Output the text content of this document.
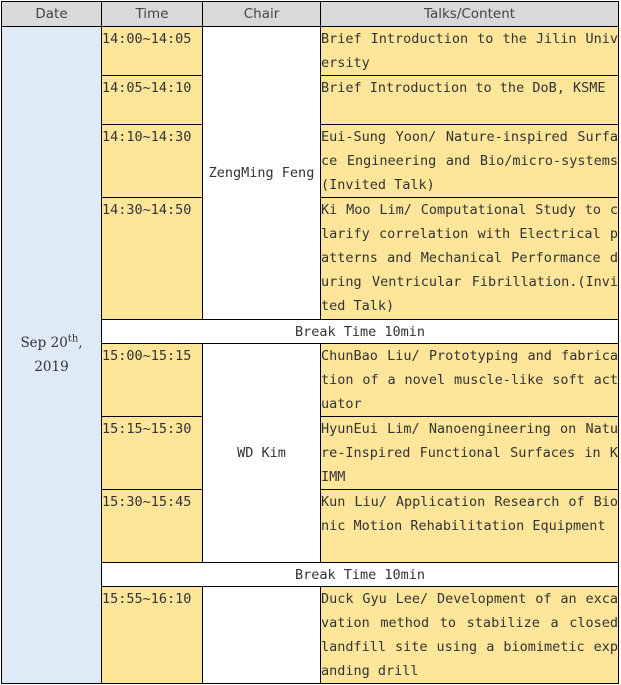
Date	Time	Chair	Talks/Content
Sep 20th,
2019	14:00~14:05	ZengMing Feng	Brief Introduction to the Jilin University
	14:05~14:10		Brief Introduction to the DoB, KSME
	14:10~14:30		Eui-Sung Yoon/ Nature-inspired Surface Engineering and Bio/micro-systems (Invited Talk)
	14:30~14:50		Ki Moo Lim/ Computational Study to clarify correlation with Electrical patterns and Mechanical Performance during Ventricular Fibrillation.(Invited Talk)
	Break Time 10min		
	15:00~15:15	WD Kim	ChunBao Liu/ Prototyping and fabrication of a novel muscle-like soft actuator
	15:15~15:30		HyunEui Lim/ Nanoengineering on Nature-Inspired Functional Surfaces in KIMM
	15:30~15:45		Kun Liu/ Application Research of Bionic Motion Rehabilitation Equipment
	Break Time 10min		
	15:55~16:10		Duck Gyu Lee/ Development of an excavation method to stabilize a closed landfill site using a biomimetic expanding drill
